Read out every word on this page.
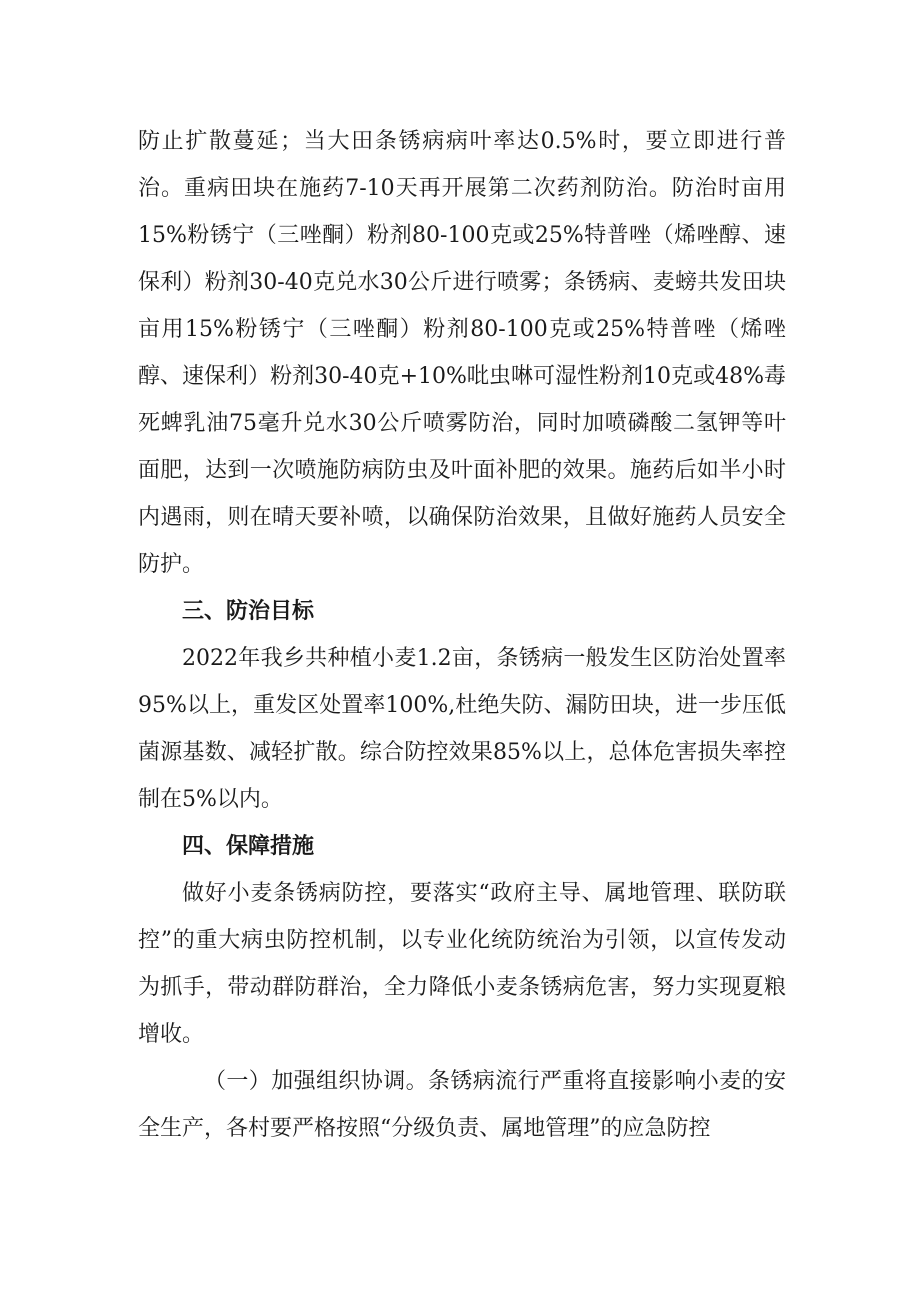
防止扩散蔓延；当大田条锈病病叶率达0.5%时，要立即进行普治。重病田块在施药7-10天再开展第二次药剂防治。防治时亩用15%粉锈宁（三唑酮）粉剂80-100克或25%特普唑（烯唑醇、速保利）粉剂30-40克兑水30公斤进行喷雾；条锈病、麦螃共发田块亩用15%粉锈宁（三唑酮）粉剂80-100克或25%特普唑（烯唑醇、速保利）粉剂30-40克+10%吡虫啉可湿性粉剂10克或48%毒死蜱乳油75毫升兑水30公斤喷雾防治，同时加喷磷酸二氢钾等叶面肥，达到一次喷施防病防虫及叶面补肥的效果。施药后如半小时内遇雨，则在晴天要补喷，以确保防治效果，且做好施药人员安全防护。

三、防治目标

2022年我乡共种植小麦1.2亩，条锈病一般发生区防治处置率95%以上，重发区处置率100%,杜绝失防、漏防田块，进一步压低菌源基数、减轻扩散。综合防控效果85%以上，总体危害损失率控制在5%以内。

四、保障措施

做好小麦条锈病防控，要落实“政府主导、属地管理、联防联控”的重大病虫防控机制，以专业化统防统治为引领，以宣传发动为抓手，带动群防群治，全力降低小麦条锈病危害，努力实现夏粮增收。

（一）加强组织协调。条锈病流行严重将直接影响小麦的安全生产，各村要严格按照“分级负责、属地管理”的应急防控
